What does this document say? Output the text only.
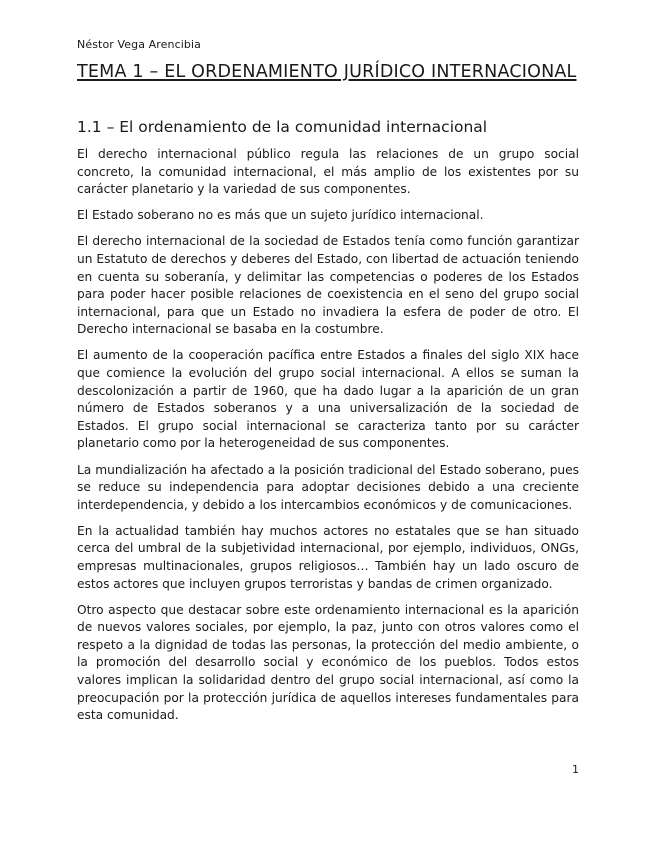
Néstor Vega Arencibia
TEMA 1 – EL ORDENAMIENTO JURÍDICO INTERNACIONAL
1.1 – El ordenamiento de la comunidad internacional

El derecho internacional público regula las relaciones de un grupo social concreto, la comunidad internacional, el más amplio de los existentes por su carácter planetario y la variedad de sus componentes.

El Estado soberano no es más que un sujeto jurídico internacional.

El derecho internacional de la sociedad de Estados tenía como función garantizar un Estatuto de derechos y deberes del Estado, con libertad de actuación teniendo en cuenta su soberanía, y delimitar las competencias o poderes de los Estados para poder hacer posible relaciones de coexistencia en el seno del grupo social internacional, para que un Estado no invadiera la esfera de poder de otro. El Derecho internacional se basaba en la costumbre.

El aumento de la cooperación pacífica entre Estados a finales del siglo XIX hace que comience la evolución del grupo social internacional. A ellos se suman la descolonización a partir de 1960, que ha dado lugar a la aparición de un gran número de Estados soberanos y a una universalización de la sociedad de Estados. El grupo social internacional se caracteriza tanto por su carácter planetario como por la heterogeneidad de sus componentes.

La mundialización ha afectado a la posición tradicional del Estado soberano, pues se reduce su independencia para adoptar decisiones debido a una creciente interdependencia, y debido a los intercambios económicos y de comunicaciones.

En la actualidad también hay muchos actores no estatales que se han situado cerca del umbral de la subjetividad internacional, por ejemplo, individuos, ONGs, empresas multinacionales, grupos religiosos… También hay un lado oscuro de estos actores que incluyen grupos terroristas y bandas de crimen organizado.

Otro aspecto que destacar sobre este ordenamiento internacional es la aparición de nuevos valores sociales, por ejemplo, la paz, junto con otros valores como el respeto a la dignidad de todas las personas, la protección del medio ambiente, o la promoción del desarrollo social y económico de los pueblos. Todos estos valores implican la solidaridad dentro del grupo social internacional, así como la preocupación por la protección jurídica de aquellos intereses fundamentales para esta comunidad.

1
